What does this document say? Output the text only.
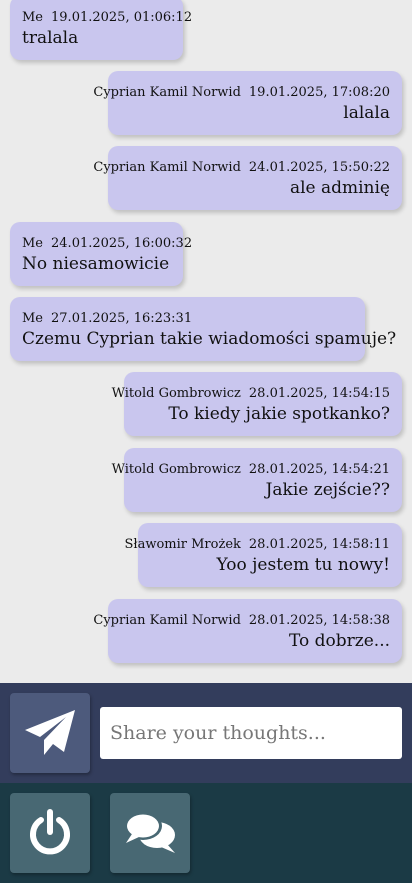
Me 19.01.2025, 01:06:12
tralala
Cyprian Kamil Norwid 19.01.2025, 17:08:20
lalala
Cyprian Kamil Norwid 24.01.2025, 15:50:22
ale adminię
Me 24.01.2025, 16:00:32
No niesamowicie
Me 27.01.2025, 16:23:31
Czemu Cyprian takie wiadomości spamuje?
Witold Gombrowicz 28.01.2025, 14:54:15
To kiedy jakie spotkanko?
Witold Gombrowicz 28.01.2025, 14:54:21
Jakie zejście??
Sławomir Mrożek 28.01.2025, 14:58:11
Yoo jestem tu nowy!
Cyprian Kamil Norwid 28.01.2025, 14:58:38
To dobrze...
Share your thoughts...
